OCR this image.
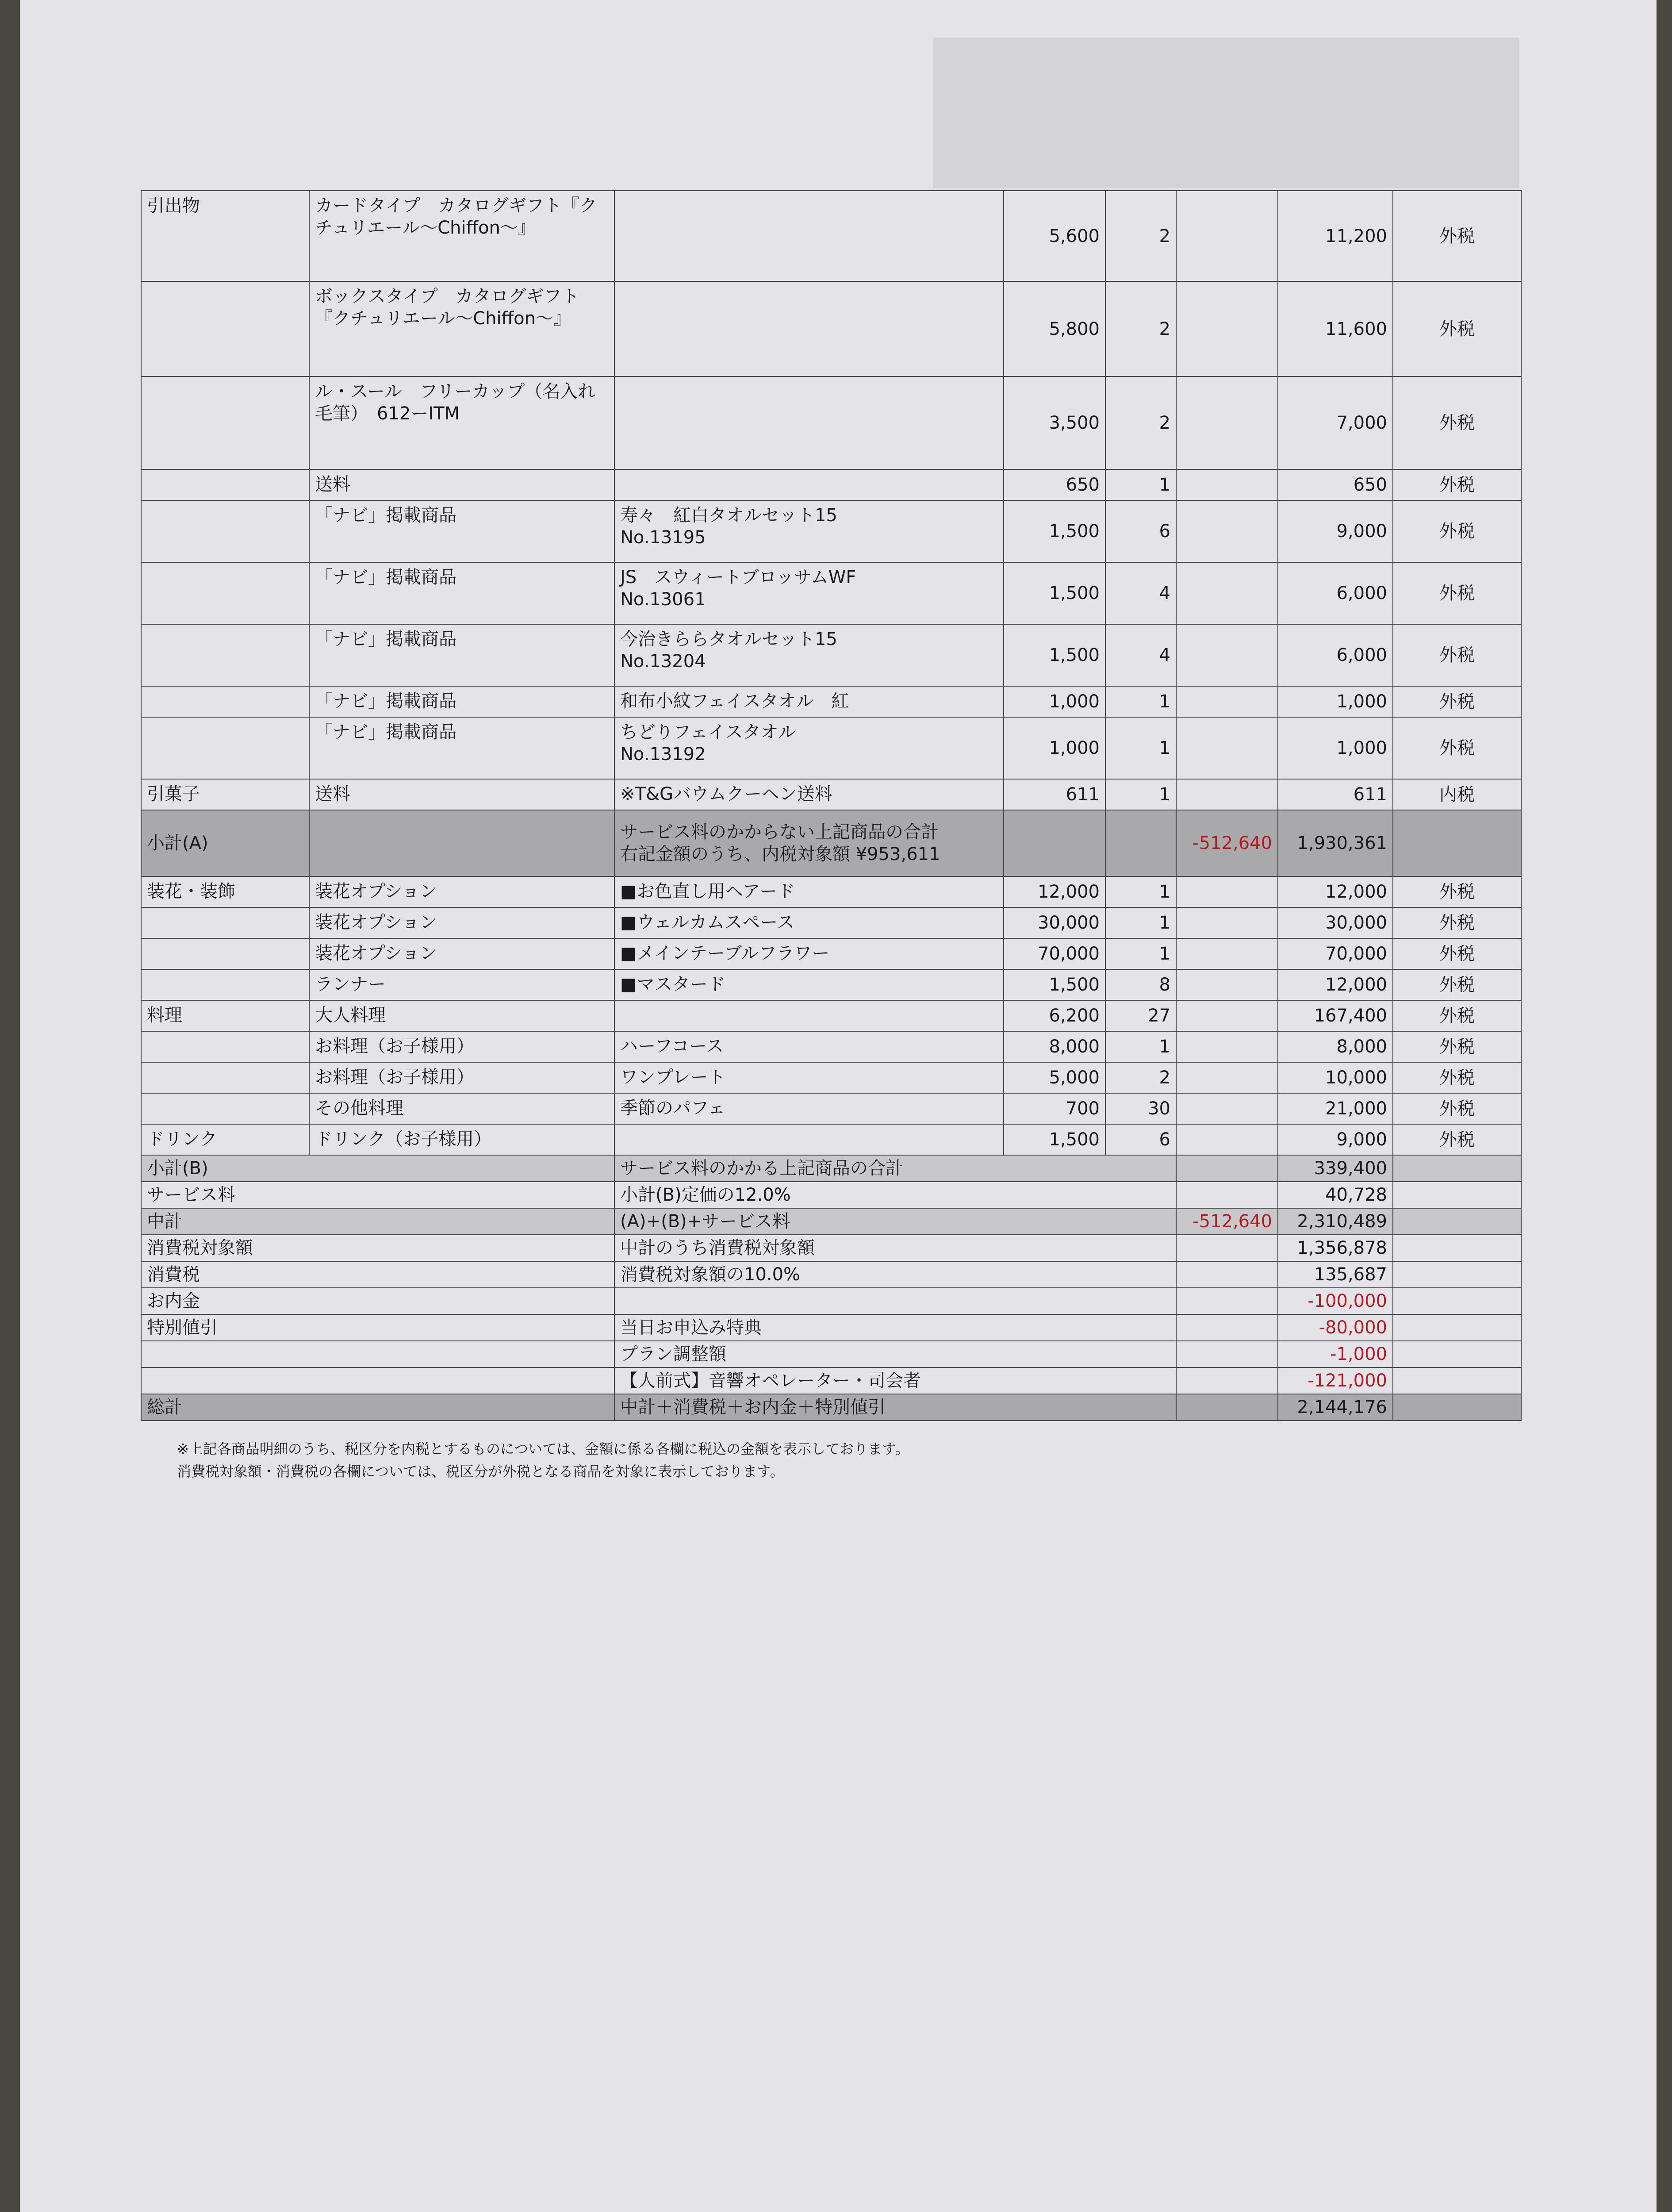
引出物	カードタイプ　カタログギフト『クチュリエール～Chiffon～』		5,600	2		11,200	外税
	ボックスタイプ　カタログギフト『クチュリエール～Chiffon～』		5,800	2		11,600	外税
	ル・スール　フリーカップ（名入れ毛筆）　612ーITM		3,500	2		7,000	外税
	送料		650	1		650	外税
	「ナビ」掲載商品	寿々　紅白タオルセット15
No.13195	1,500	6		9,000	外税
	「ナビ」掲載商品	JS　スウィートブロッサムWF
No.13061	1,500	4		6,000	外税
	「ナビ」掲載商品	今治きららタオルセット15
No.13204	1,500	4		6,000	外税
	「ナビ」掲載商品	和布小紋フェイスタオル　紅	1,000	1		1,000	外税
	「ナビ」掲載商品	ちどりフェイスタオル
No.13192	1,000	1		1,000	外税
引菓子	送料	※T&Gバウムクーヘン送料	611	1		611	内税
小計(A)		サービス料のかからない上記商品の合計
右記金額のうち、内税対象額 ¥953,611			-512,640	1,930,361	
装花・装飾	装花オプション	■お色直し用ヘアード	12,000	1		12,000	外税
	装花オプション	■ウェルカムスペース	30,000	1		30,000	外税
	装花オプション	■メインテーブルフラワー	70,000	1		70,000	外税
	ランナー	■マスタード	1,500	8		12,000	外税
料理	大人料理		6,200	27		167,400	外税
	お料理（お子様用）	ハーフコース	8,000	1		8,000	外税
	お料理（お子様用）	ワンプレート	5,000	2		10,000	外税
	その他料理	季節のパフェ	700	30		21,000	外税
ドリンク	ドリンク（お子様用）		1,500	6		9,000	外税
小計(B)		サービス料のかかる上記商品の合計				339,400	
サービス料		小計(B)定価の12.0%				40,728	
中計		(A)+(B)+サービス料			-512,640	2,310,489	
消費税対象額		中計のうち消費税対象額				1,356,878	
消費税		消費税対象額の10.0%				135,687	
お内金						-100,000	
特別値引		当日お申込み特典				-80,000	
		プラン調整額				-1,000	
		【人前式】音響オペレーター・司会者				-121,000	
総計		中計＋消費税＋お内金＋特別値引				2,144,176	
※上記各商品明細のうち、税区分を内税とするものについては、金額に係る各欄に税込の金額を表示しております。
消費税対象額・消費税の各欄については、税区分が外税となる商品を対象に表示しております。
